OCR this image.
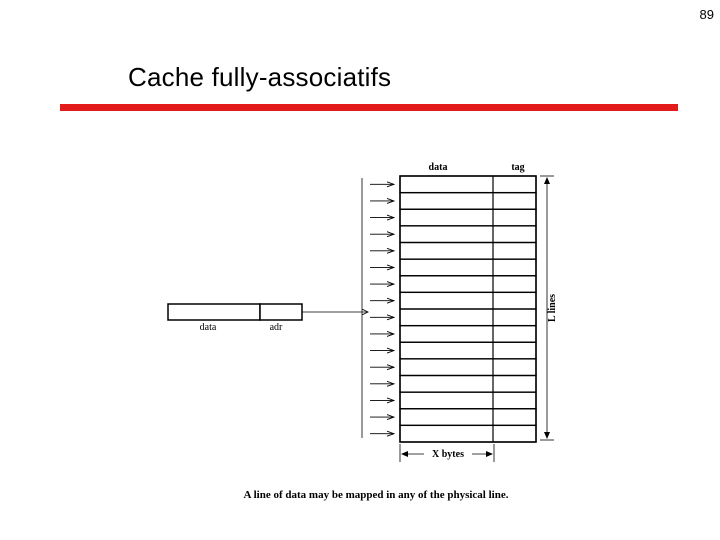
89
Cache fully-associatifs
data	adr
data	tag
L lines
X bytes
A line of data may be mapped in any of the physical line.
